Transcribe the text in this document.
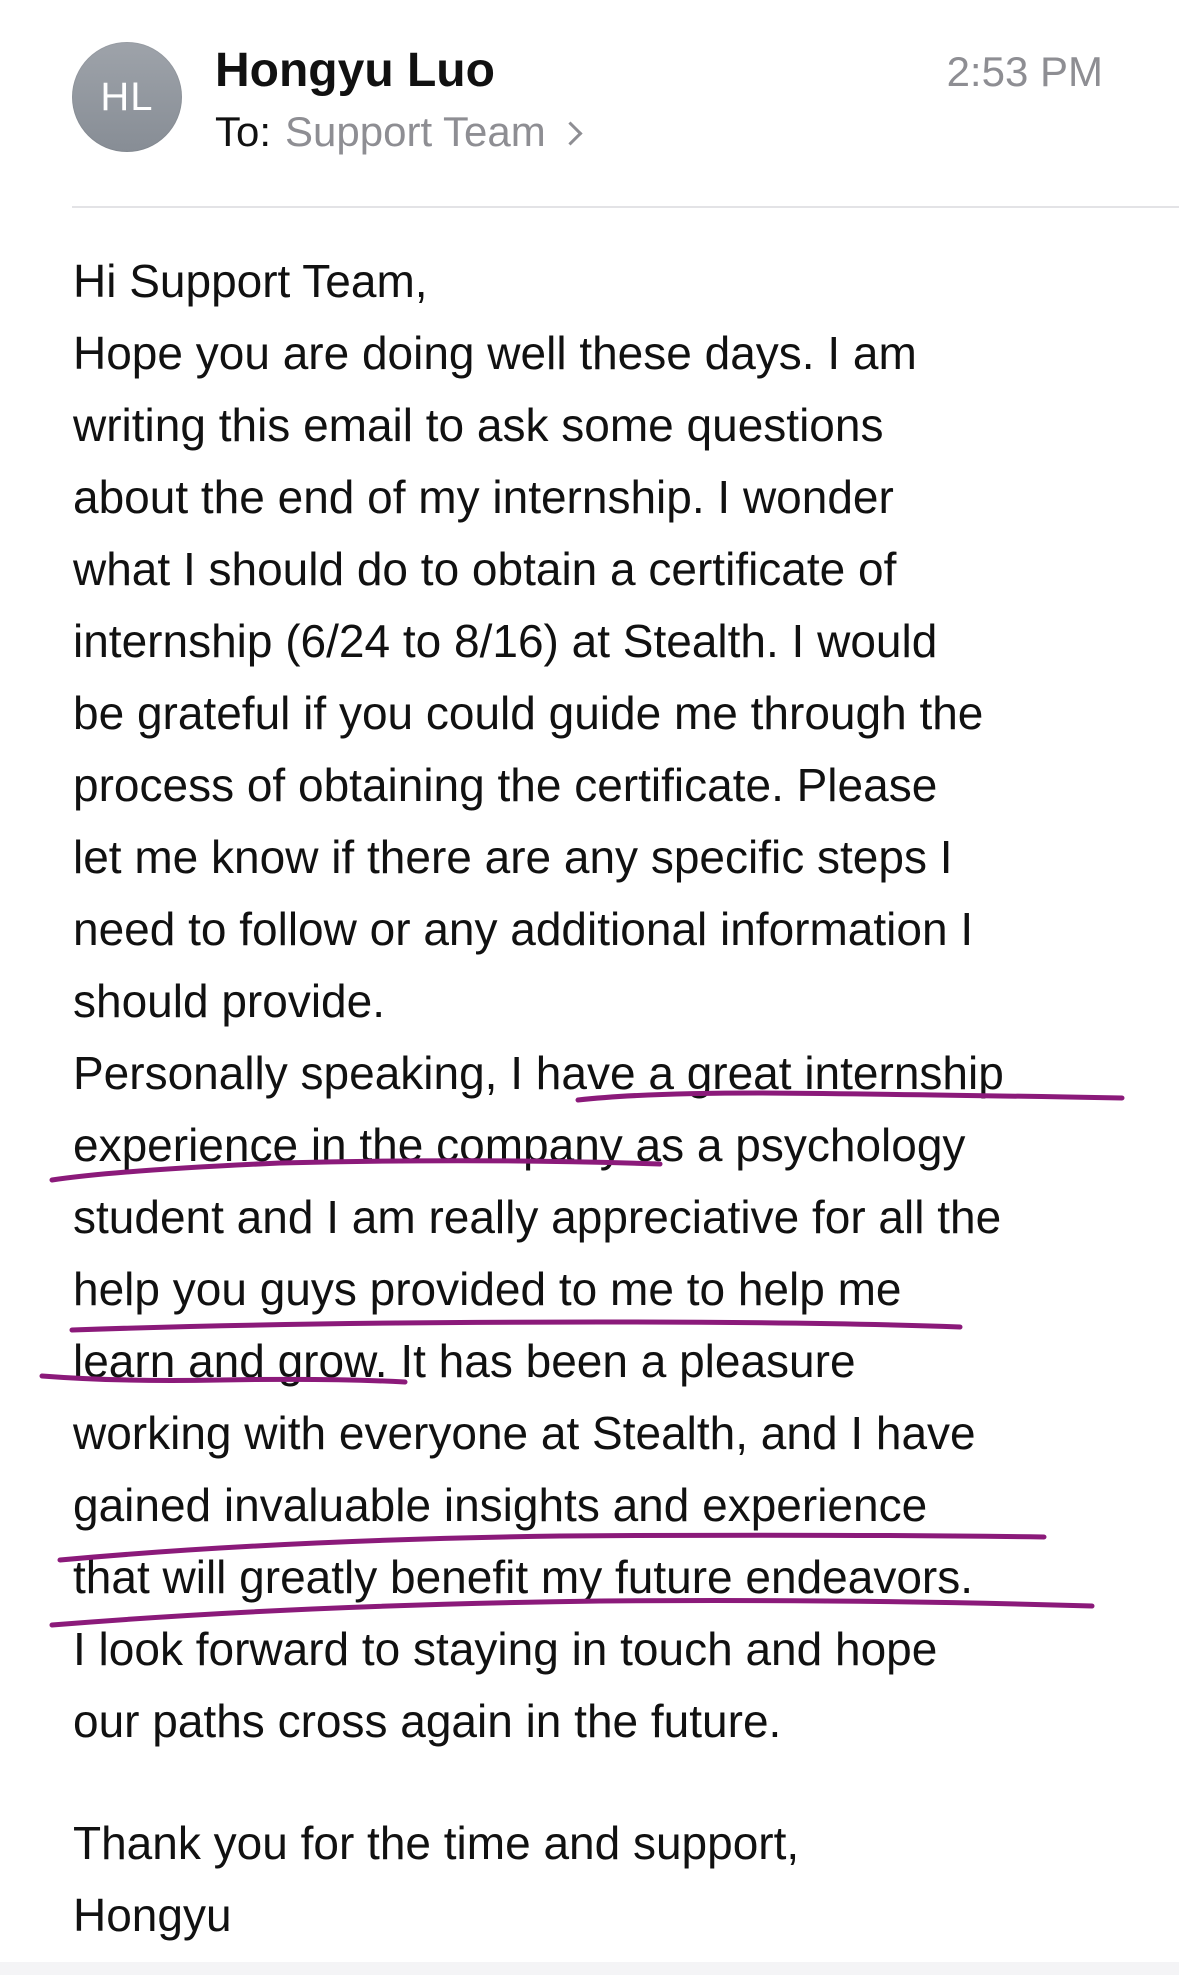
HL	Hongyu Luo
To: Support Team
2:53 PM
Hi Support Team,
Hope you are doing well these days. I am
writing this email to ask some questions
about the end of my internship. I wonder
what I should do to obtain a certificate of
internship (6/24 to 8/16) at Stealth. I would
be grateful if you could guide me through the
process of obtaining the certificate. Please
let me know if there are any specific steps I
need to follow or any additional information I
should provide.
Personally speaking, I have a great internship
experience in the company as a psychology
student and I am really appreciative for all the
help you guys provided to me to help me
learn and grow. It has been a pleasure
working with everyone at Stealth, and I have
gained invaluable insights and experience
that will greatly benefit my future endeavors.
I look forward to staying in touch and hope
our paths cross again in the future.
Thank you for the time and support,
Hongyu
